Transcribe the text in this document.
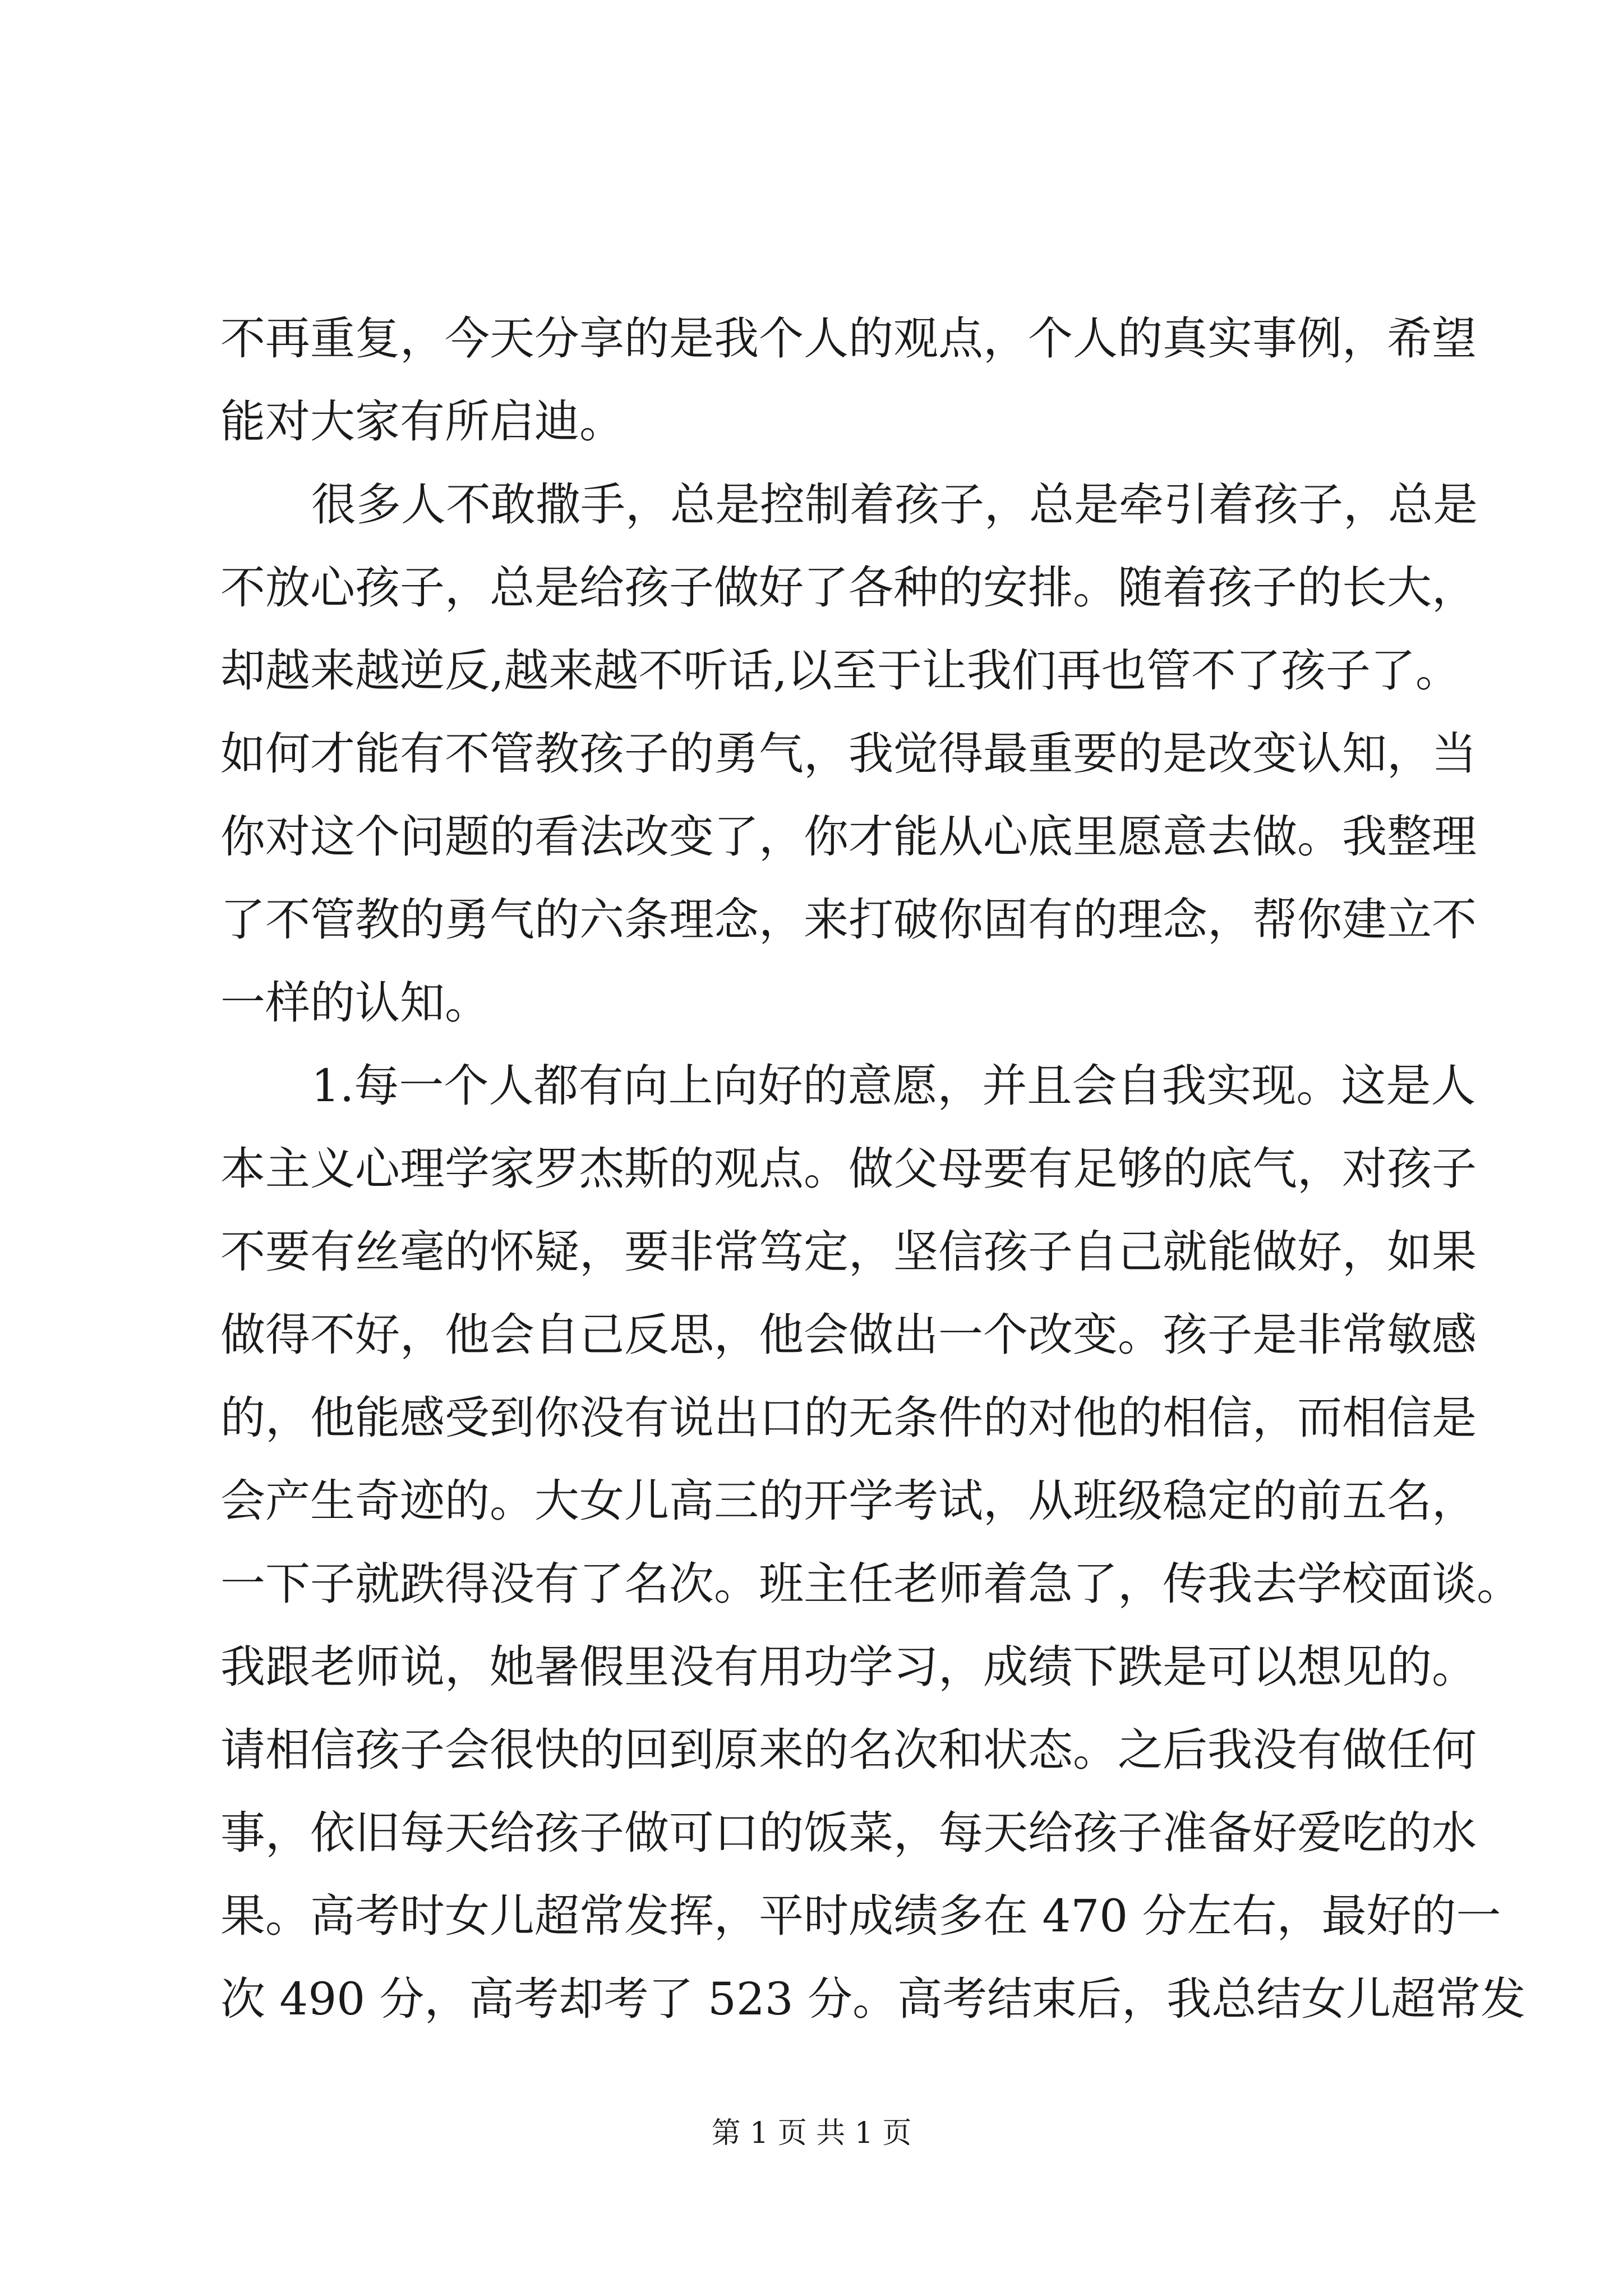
不再重复，今天分享的是我个人的观点，个人的真实事例，希望
能对大家有所启迪。
很多人不敢撒手，总是控制着孩子，总是牵引着孩子，总是
不放心孩子，总是给孩子做好了各种的安排。随着孩子的长大，
却越来越逆反,越来越不听话,以至于让我们再也管不了孩子了。
如何才能有不管教孩子的勇气，我觉得最重要的是改变认知，当
你对这个问题的看法改变了，你才能从心底里愿意去做。我整理
了不管教的勇气的六条理念，来打破你固有的理念，帮你建立不
一样的认知。
1.每一个人都有向上向好的意愿，并且会自我实现。这是人
本主义心理学家罗杰斯的观点。做父母要有足够的底气，对孩子
不要有丝毫的怀疑，要非常笃定，坚信孩子自己就能做好，如果
做得不好，他会自己反思，他会做出一个改变。孩子是非常敏感
的，他能感受到你没有说出口的无条件的对他的相信，而相信是
会产生奇迹的。大女儿高三的开学考试，从班级稳定的前五名，
一下子就跌得没有了名次。班主任老师着急了，传我去学校面谈。
我跟老师说，她暑假里没有用功学习，成绩下跌是可以想见的。
请相信孩子会很快的回到原来的名次和状态。之后我没有做任何
事，依旧每天给孩子做可口的饭菜，每天给孩子准备好爱吃的水
果。高考时女儿超常发挥，平时成绩多在 470 分左右，最好的一
次 490 分，高考却考了 523 分。高考结束后，我总结女儿超常发
第 1 页 共 1 页
